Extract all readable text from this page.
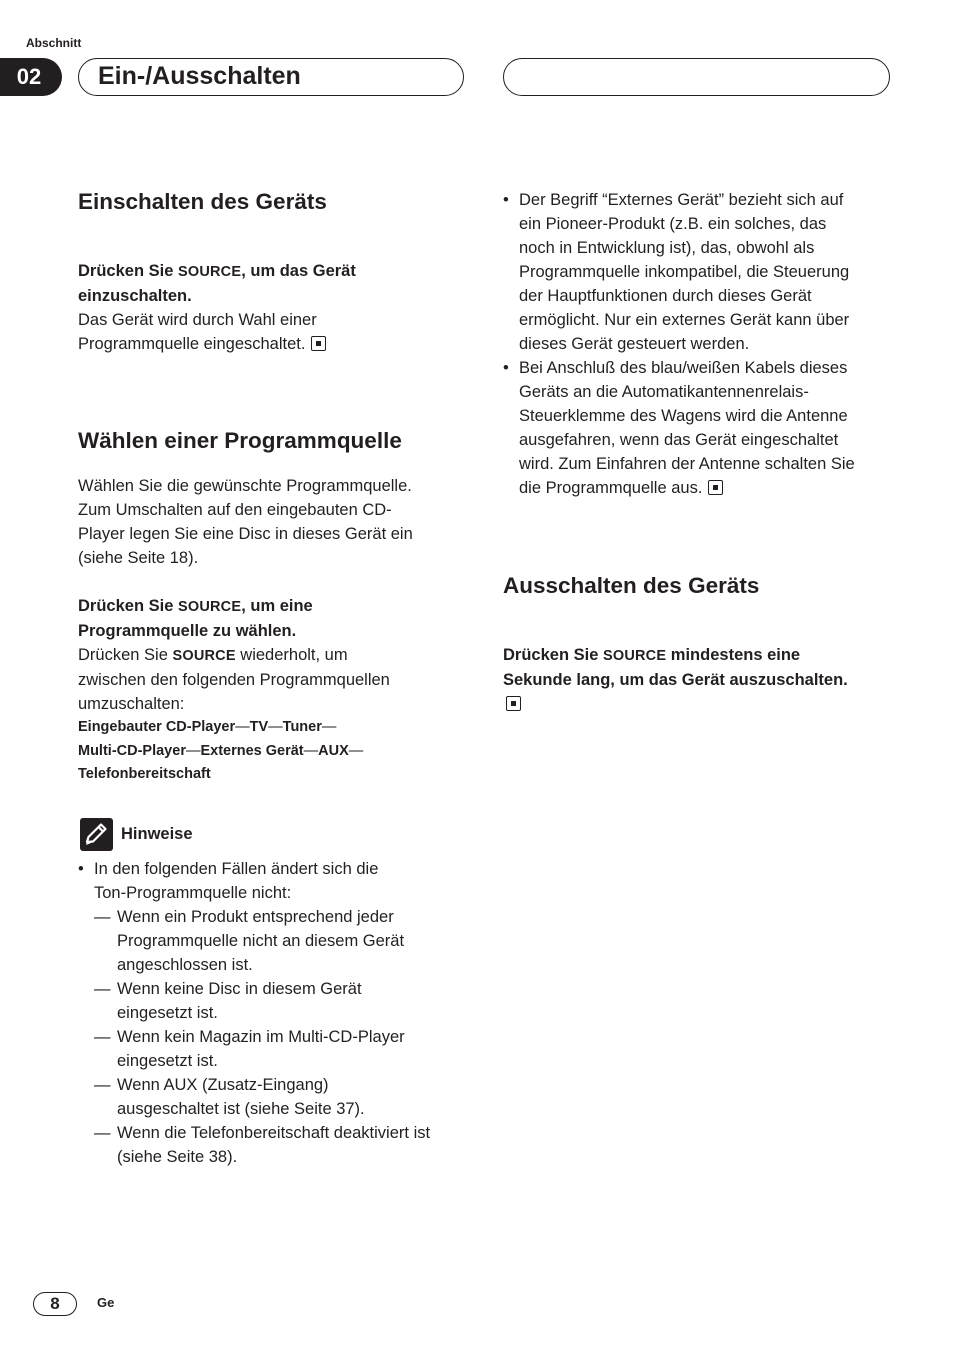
Abschnitt
02	Ein-/Ausschalten
Einschalten des Geräts

Drücken Sie SOURCE, um das Gerät
einzuschalten.

Das Gerät wird durch Wahl einer
Programmquelle eingeschaltet.

Wählen einer Programmquelle
Wählen Sie die gewünschte Programmquelle.
Zum Umschalten auf den eingebauten CD-
Player legen Sie eine Disc in dieses Gerät ein
(siehe Seite 18).

Drücken Sie SOURCE, um eine
Programmquelle zu wählen.

Drücken Sie SOURCE wiederholt, um
zwischen den folgenden Programmquellen
umzuschalten:

Eingebauter CD-Player—TV—Tuner—
Multi-CD-Player—Externes Gerät—AUX—
Telefonbereitschaft
Hinweise
• In den folgenden Fällen ändert sich die
Ton-Programmquelle nicht:
— Wenn ein Produkt entsprechend jeder
Programmquelle nicht an diesem Gerät
angeschlossen ist.
— Wenn keine Disc in diesem Gerät
eingesetzt ist.
— Wenn kein Magazin im Multi-CD-Player
eingesetzt ist.
— Wenn AUX (Zusatz-Eingang)
ausgeschaltet ist (siehe Seite 37).
— Wenn die Telefonbereitschaft deaktiviert ist
(siehe Seite 38).
• Der Begriff “Externes Gerät” bezieht sich auf
ein Pioneer-Produkt (z.B. ein solches, das
noch in Entwicklung ist), das, obwohl als
Programmquelle inkompatibel, die Steuerung
der Hauptfunktionen durch dieses Gerät
ermöglicht. Nur ein externes Gerät kann über
dieses Gerät gesteuert werden.
• Bei Anschluß des blau/weißen Kabels dieses
Geräts an die Automatikantennenrelais-
Steuerklemme des Wagens wird die Antenne
ausgefahren, wenn das Gerät eingeschaltet
wird. Zum Einfahren der Antenne schalten Sie
die Programmquelle aus.
Ausschalten des Geräts

Drücken Sie SOURCE mindestens eine
Sekunde lang, um das Gerät auszuschalten.

8	Ge
